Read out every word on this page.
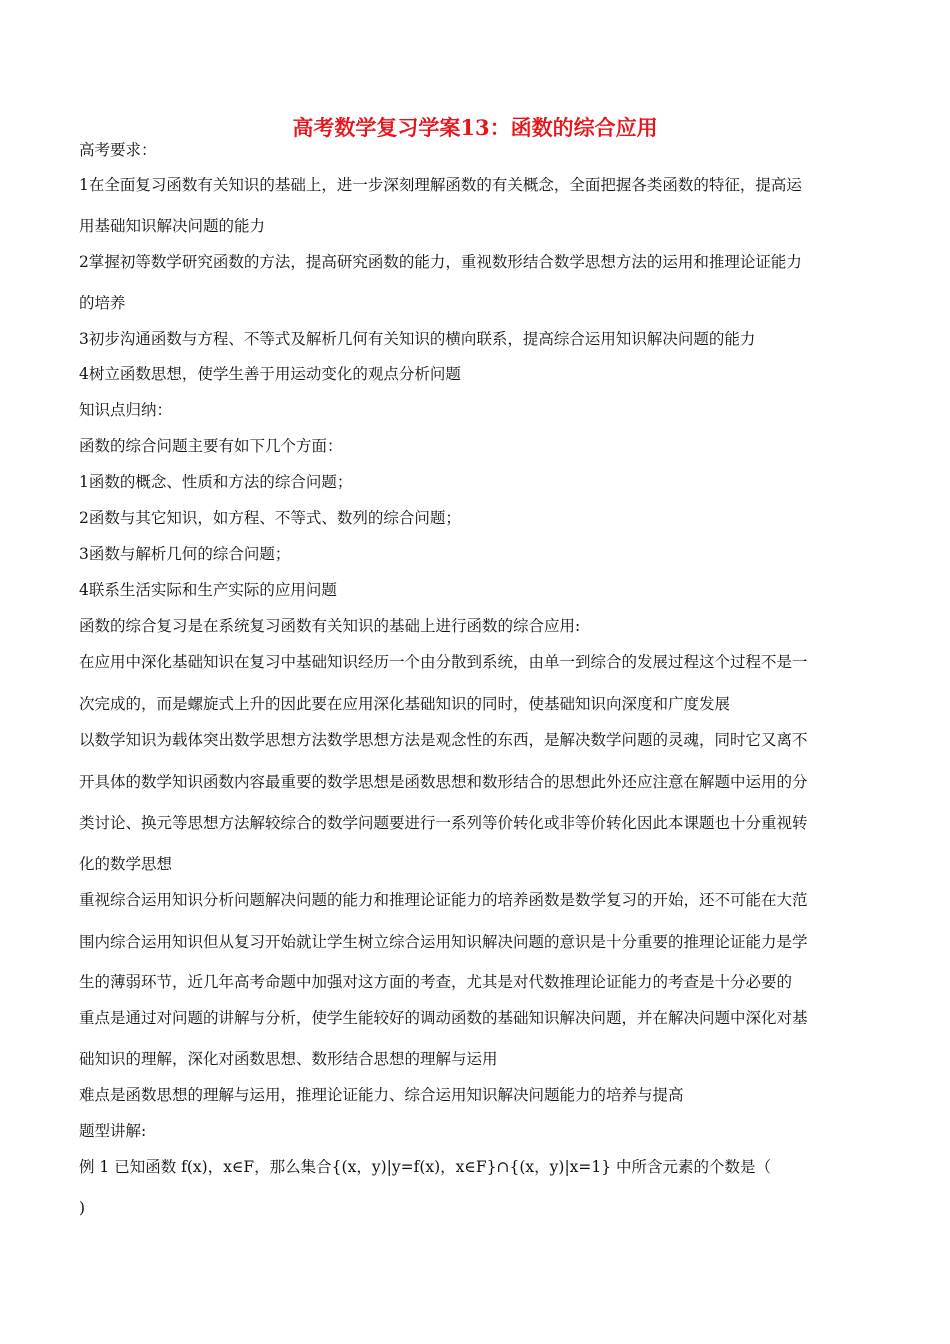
高考数学复习学案13：函数的综合应用
高考要求：
1在全面复习函数有关知识的基础上，进一步深刻理解函数的有关概念，全面把握各类函数的特征，提高运
用基础知识解决问题的能力
2掌握初等数学研究函数的方法，提高研究函数的能力，重视数形结合数学思想方法的运用和推理论证能力
的培养
3初步沟通函数与方程、不等式及解析几何有关知识的横向联系，提高综合运用知识解决问题的能力
4树立函数思想，使学生善于用运动变化的观点分析问题
知识点归纳：
函数的综合问题主要有如下几个方面：
1函数的概念、性质和方法的综合问题；
2函数与其它知识，如方程、不等式、数列的综合问题；
3函数与解析几何的综合问题；
4联系生活实际和生产实际的应用问题
函数的综合复习是在系统复习函数有关知识的基础上进行函数的综合应用:
在应用中深化基础知识在复习中基础知识经历一个由分散到系统，由单一到综合的发展过程这个过程不是一
次完成的，而是螺旋式上升的因此要在应用深化基础知识的同时，使基础知识向深度和广度发展
以数学知识为载体突出数学思想方法数学思想方法是观念性的东西，是解决数学问题的灵魂，同时它又离不
开具体的数学知识函数内容最重要的数学思想是函数思想和数形结合的思想此外还应注意在解题中运用的分
类讨论、换元等思想方法解较综合的数学问题要进行一系列等价转化或非等价转化因此本课题也十分重视转
化的数学思想
重视综合运用知识分析问题解决问题的能力和推理论证能力的培养函数是数学复习的开始，还不可能在大范
围内综合运用知识但从复习开始就让学生树立综合运用知识解决问题的意识是十分重要的推理论证能力是学
生的薄弱环节，近几年高考命题中加强对这方面的考查，尤其是对代数推理论证能力的考查是十分必要的
重点是通过对问题的讲解与分析，使学生能较好的调动函数的基础知识解决问题，并在解决问题中深化对基
础知识的理解，深化对函数思想、数形结合思想的理解与运用
难点是函数思想的理解与运用，推理论证能力、综合运用知识解决问题能力的培养与提高
题型讲解:
例 1 已知函数 f(x)，x∈F，那么集合{(x，y)|y=f(x)，x∈F}∩{(x，y)|x=1} 中所含元素的个数是（
)
